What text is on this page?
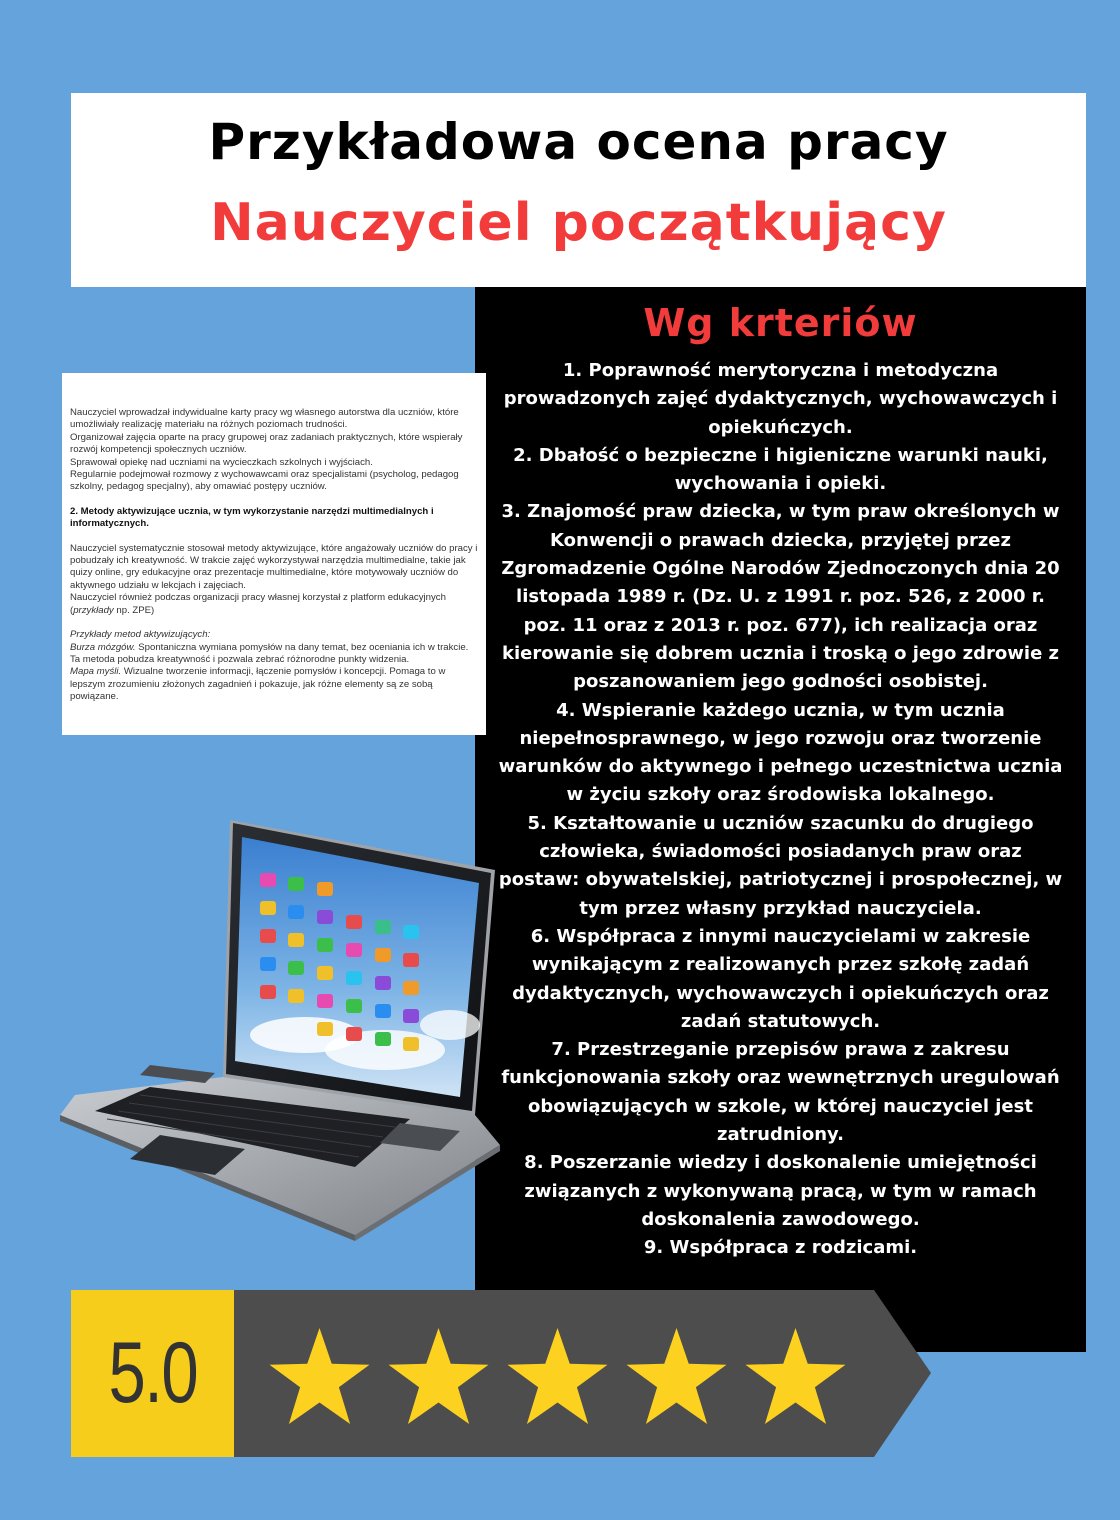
Przykładowa ocena pracy
Nauczyciel początkujący
Wg krteriów

1. Poprawność merytoryczna i metodyczna prowadzonych zajęć dydaktycznych, wychowawczych i opiekuńczych.

2. Dbałość o bezpieczne i higieniczne warunki nauki, wychowania i opieki.

3. Znajomość praw dziecka, w tym praw określonych w Konwencji o prawach dziecka, przyjętej przez Zgromadzenie Ogólne Narodów Zjednoczonych dnia 20 listopada 1989 r. (Dz. U. z 1991 r. poz. 526, z 2000 r. poz. 11 oraz z 2013 r. poz. 677), ich realizacja oraz kierowanie się dobrem ucznia i troską o jego zdrowie z poszanowaniem jego godności osobistej.

4. Wspieranie każdego ucznia, w tym ucznia niepełnosprawnego, w jego rozwoju oraz tworzenie warunków do aktywnego i pełnego uczestnictwa ucznia w życiu szkoły oraz środowiska lokalnego.

5. Kształtowanie u uczniów szacunku do drugiego człowieka, świadomości posiadanych praw oraz postaw: obywatelskiej, patriotycznej i prospołecznej, w tym przez własny przykład nauczyciela.

6. Współpraca z innymi nauczycielami w zakresie wynikającym z realizowanych przez szkołę zadań dydaktycznych, wychowawczych i opiekuńczych oraz zadań statutowych.

7. Przestrzeganie przepisów prawa z zakresu funkcjonowania szkoły oraz wewnętrznych uregulowań obowiązujących w szkole, w której nauczyciel jest zatrudniony.

8. Poszerzanie wiedzy i doskonalenie umiejętności związanych z wykonywaną pracą, w tym w ramach doskonalenia zawodowego.

9. Współpraca z rodzicami.

Nauczyciel wprowadzał indywidualne karty pracy wg własnego autorstwa dla uczniów, które umożliwiały realizację materiału na różnych poziomach trudności.

Organizował zajęcia oparte na pracy grupowej oraz zadaniach praktycznych, które wspierały rozwój kompetencji społecznych uczniów.

Sprawował opiekę nad uczniami na wycieczkach szkolnych i wyjściach.

Regularnie podejmował rozmowy z wychowawcami oraz specjalistami (psycholog, pedagog szkolny, pedagog specjalny), aby omawiać postępy uczniów.

2. Metody aktywizujące ucznia, w tym wykorzystanie narzędzi multimedialnych i informatycznych.

Nauczyciel systematycznie stosował metody aktywizujące, które angażowały uczniów do pracy i pobudzały ich kreatywność. W trakcie zajęć wykorzystywał narzędzia multimedialne, takie jak quizy online, gry edukacyjne oraz prezentacje multimedialne, które motywowały uczniów do aktywnego udziału w lekcjach i zajęciach.

Nauczyciel również podczas organizacji pracy własnej korzystał z platform edukacyjnych (przykłady np. ZPE)

Przykłady metod aktywizujących:

Burza mózgów. Spontaniczna wymiana pomysłów na dany temat, bez oceniania ich w trakcie. Ta metoda pobudza kreatywność i pozwala zebrać różnorodne punkty widzenia.

Mapa myśli. Wizualne tworzenie informacji, łączenie pomysłów i koncepcji. Pomaga to w lepszym zrozumieniu złożonych zagadnień i pokazuje, jak różne elementy są ze sobą powiązane.

5.0
